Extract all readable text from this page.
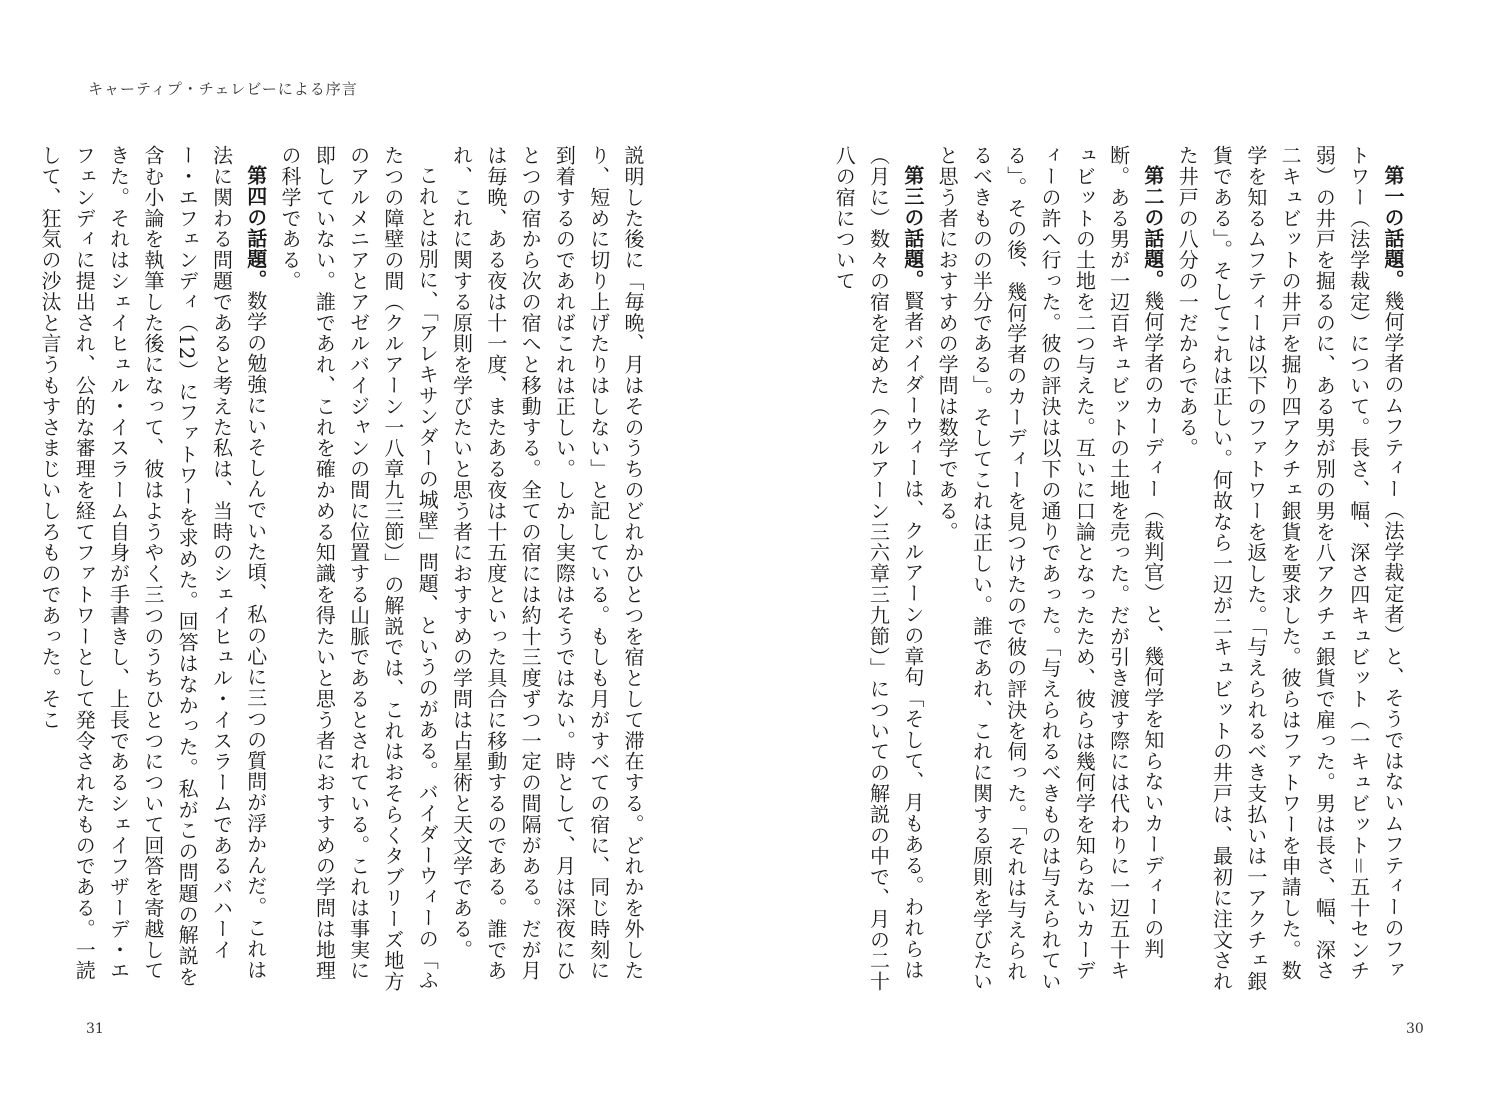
キャーティプ・チェレビーによる序言

第一の話題。幾何学者のムフティー（法学裁定者）と、そうではないムフティーのファトワー（法学裁定）について。長さ、幅、深さ四キュビット（一キュビット＝五十センチ弱）の井戸を掘るのに、ある男が別の男を八アクチェ銀貨で雇った。男は長さ、幅、深さ二キュビットの井戸を掘り四アクチェ銀貨を要求した。彼らはファトワーを申請した。数学を知るムフティーは以下のファトワーを返した。「与えられるべき支払いは一アクチェ銀貨である」。そしてこれは正しい。何故なら一辺が二キュビットの井戸は、最初に注文された井戸の八分の一だからである。

第二の話題。幾何学者のカーディー（裁判官）と、幾何学を知らないカーディーの判断。ある男が一辺百キュビットの土地を売った。だが引き渡す際には代わりに一辺五十キュビットの土地を二つ与えた。互いに口論となったため、彼らは幾何学を知らないカーディーの許へ行った。彼の評決は以下の通りであった。「与えられるべきものは与えられている」。その後、幾何学者のカーディーを見つけたので彼の評決を伺った。「それは与えられるべきものの半分である」。そしてこれは正しい。誰であれ、これに関する原則を学びたいと思う者におすすめの学問は数学である。

第三の話題。賢者バイダーウィーは、クルアーンの章句「そして、月もある。われらは（月に）数々の宿を定めた（クルアーン三六章三九節）」についての解説の中で、月の二十八の宿について

説明した後に「毎晩、月はそのうちのどれかひとつを宿として滞在する。どれかを外したり、短めに切り上げたりはしない」と記している。もしも月がすべての宿に、同じ時刻に到着するのであればこれは正しい。しかし実際はそうではない。時として、月は深夜にひとつの宿から次の宿へと移動する。全ての宿には約十三度ずつ一定の間隔がある。だが月は毎晩、ある夜は十一度、またある夜は十五度といった具合に移動するのである。誰であれ、これに関する原則を学びたいと思う者におすすめの学問は占星術と天文学である。

これとは別に、「アレキサンダーの城壁」問題、というのがある。バイダーウィーの「ふたつの障壁の間（クルアーン一八章九三節）」の解説では、これはおそらくタブリーズ地方のアルメニアとアゼルバイジャンの間に位置する山脈であるとされている。これは事実に即していない。誰であれ、これを確かめる知識を得たいと思う者におすすめの学問は地理の科学である。

第四の話題。数学の勉強にいそしんでいた頃、私の心に三つの質問が浮かんだ。これは法に関わる問題であると考えた私は、当時のシェイヒュル・イスラームであるバハーイー・エフェンディ（12）にファトワーを求めた。回答はなかった。私がこの問題の解説を含む小論を執筆した後になって、彼はようやく三つのうちひとつについて回答を寄越してきた。それはシェイヒュル・イスラーム自身が手書きし、上長であるシェイフザーデ・エフェンディに提出され、公的な審理を経てファトワーとして発令されたものである。一読して、狂気の沙汰と言うもすさまじいしろものであった。そこ

31	30
